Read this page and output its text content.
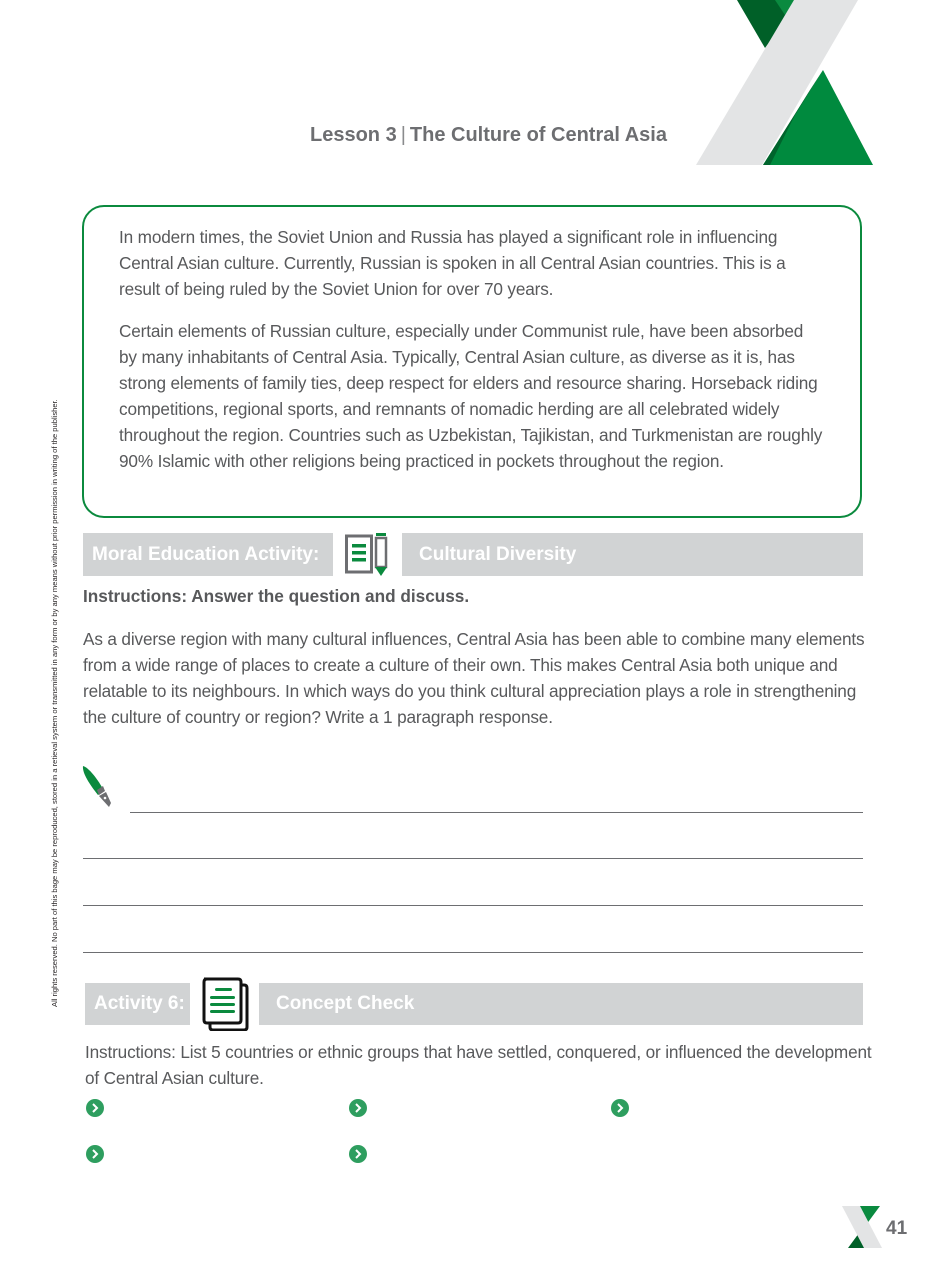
Lesson 3 | The Culture of Central Asia
All rights reserved. No part of this bage may be reproduced, stored in a retieval system or transmitted in any form or by any means without prior permission in writing of the publisher.

In modern times, the Soviet Union and Russia has played a significant role in influencing Central Asian culture. Currently, Russian is spoken in all Central Asian countries. This is a result of being ruled by the Soviet Union for over 70 years.

Certain elements of Russian culture, especially under Communist rule, have been absorbed by many inhabitants of Central Asia. Typically, Central Asian culture, as diverse as it is, has strong elements of family ties, deep respect for elders and resource sharing. Horseback riding competitions, regional sports, and remnants of nomadic herding are all celebrated widely throughout the region. Countries such as Uzbekistan, Tajikistan, and Turkmenistan are roughly 90% Islamic with other religions being practiced in pockets throughout the region.

Moral Education Activity:	Cultural Diversity
Instructions: Answer the question and discuss.
As a diverse region with many cultural influences, Central Asia has been able to combine many elements from a wide range of places to create a culture of their own. This makes Central Asia both unique and relatable to its neighbours. In which ways do you think cultural appreciation plays a role in strengthening the culture of country or region? Write a 1 paragraph response.
Activity 6:	Concept Check
Instructions: List 5 countries or ethnic groups that have settled, conquered, or influenced the development of Central Asian culture.
41
